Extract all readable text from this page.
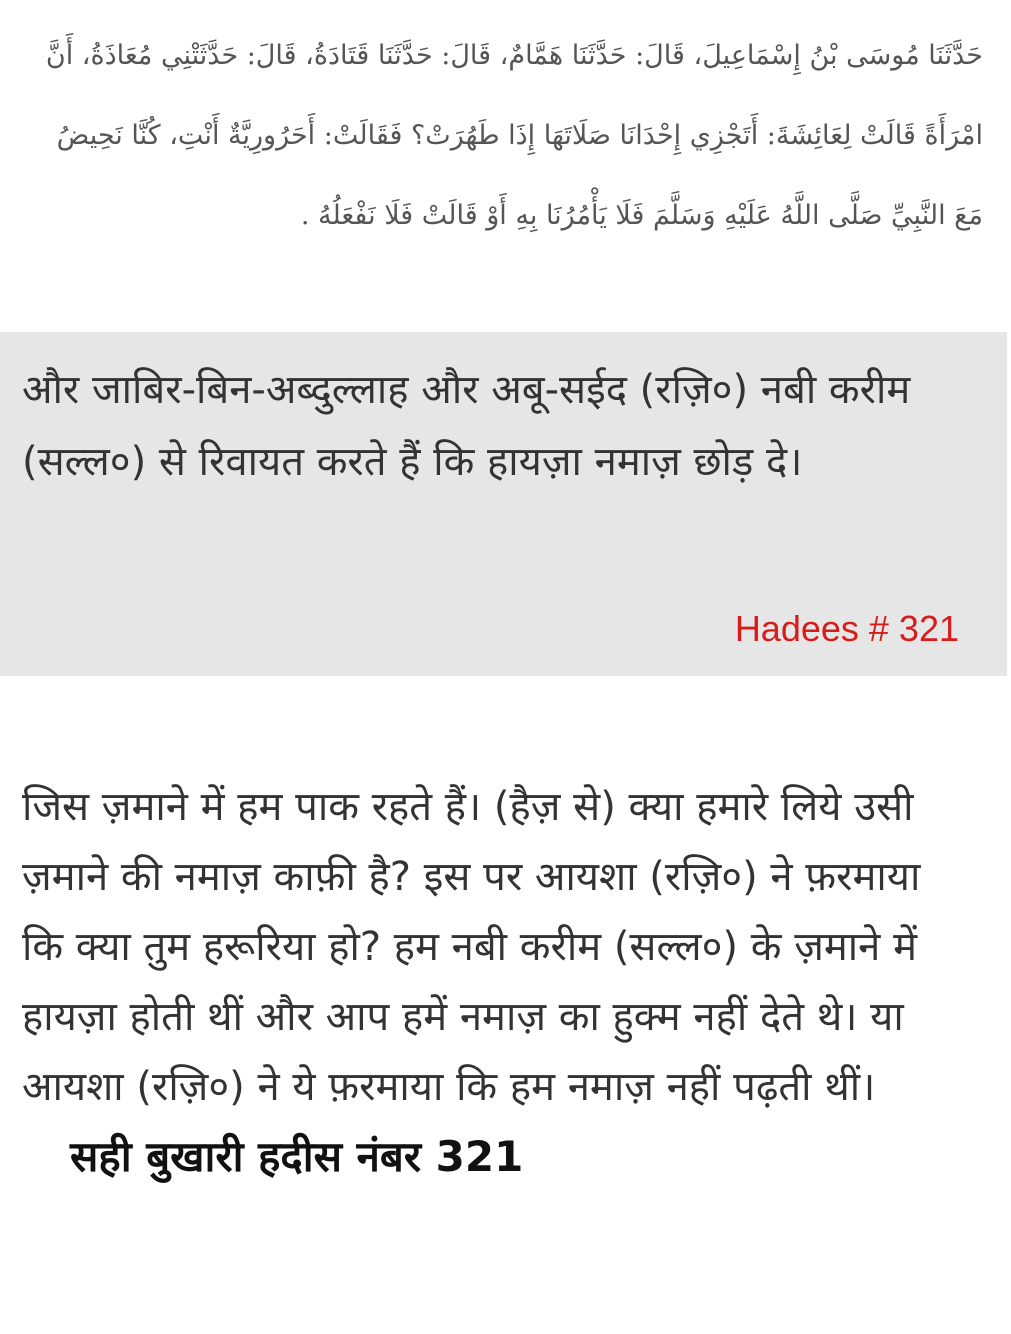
حَدَّثَنَا مُوسَى بْنُ إِسْمَاعِيلَ، قَالَ: حَدَّثَنَا هَمَّامٌ، قَالَ: حَدَّثَنَا قَتَادَةُ، قَالَ: حَدَّثَتْنِي مُعَاذَةُ، أَنَّ امْرَأَةً قَالَتْ لِعَائِشَةَ: أَتَجْزِي إِحْدَانَا صَلَاتَهَا إِذَا طَهُرَتْ؟ فَقَالَتْ: أَحَرُورِيَّةٌ أَنْتِ، كُنَّا نَحِيضُ مَعَ النَّبِيِّ صَلَّى اللَّهُ عَلَيْهِ وَسَلَّمَ فَلَا يَأْمُرُنَا بِهِ أَوْ قَالَتْ فَلَا نَفْعَلُهُ .

और जाबिर-बिन-अब्दुल्लाह और अबू-सईद (रज़ि०) नबी करीम (सल्ल०) से रिवायत करते हैं कि हायज़ा नमाज़ छोड़ दे।

Hadees # 321

जिस ज़माने में हम पाक रहते हैं। (हैज़ से) क्या हमारे लिये उसी ज़माने की नमाज़ काफ़ी है? इस पर आयशा (रज़ि०) ने फ़रमाया कि क्या तुम हरूरिया हो? हम नबी करीम (सल्ल०) के ज़माने में हायज़ा होती थीं और आप हमें नमाज़ का हुक्म नहीं देते थे। या आयशा (रज़ि०) ने ये फ़रमाया कि हम नमाज़ नहीं पढ़ती थीं।सही बुखारी हदीस नंबर 321
